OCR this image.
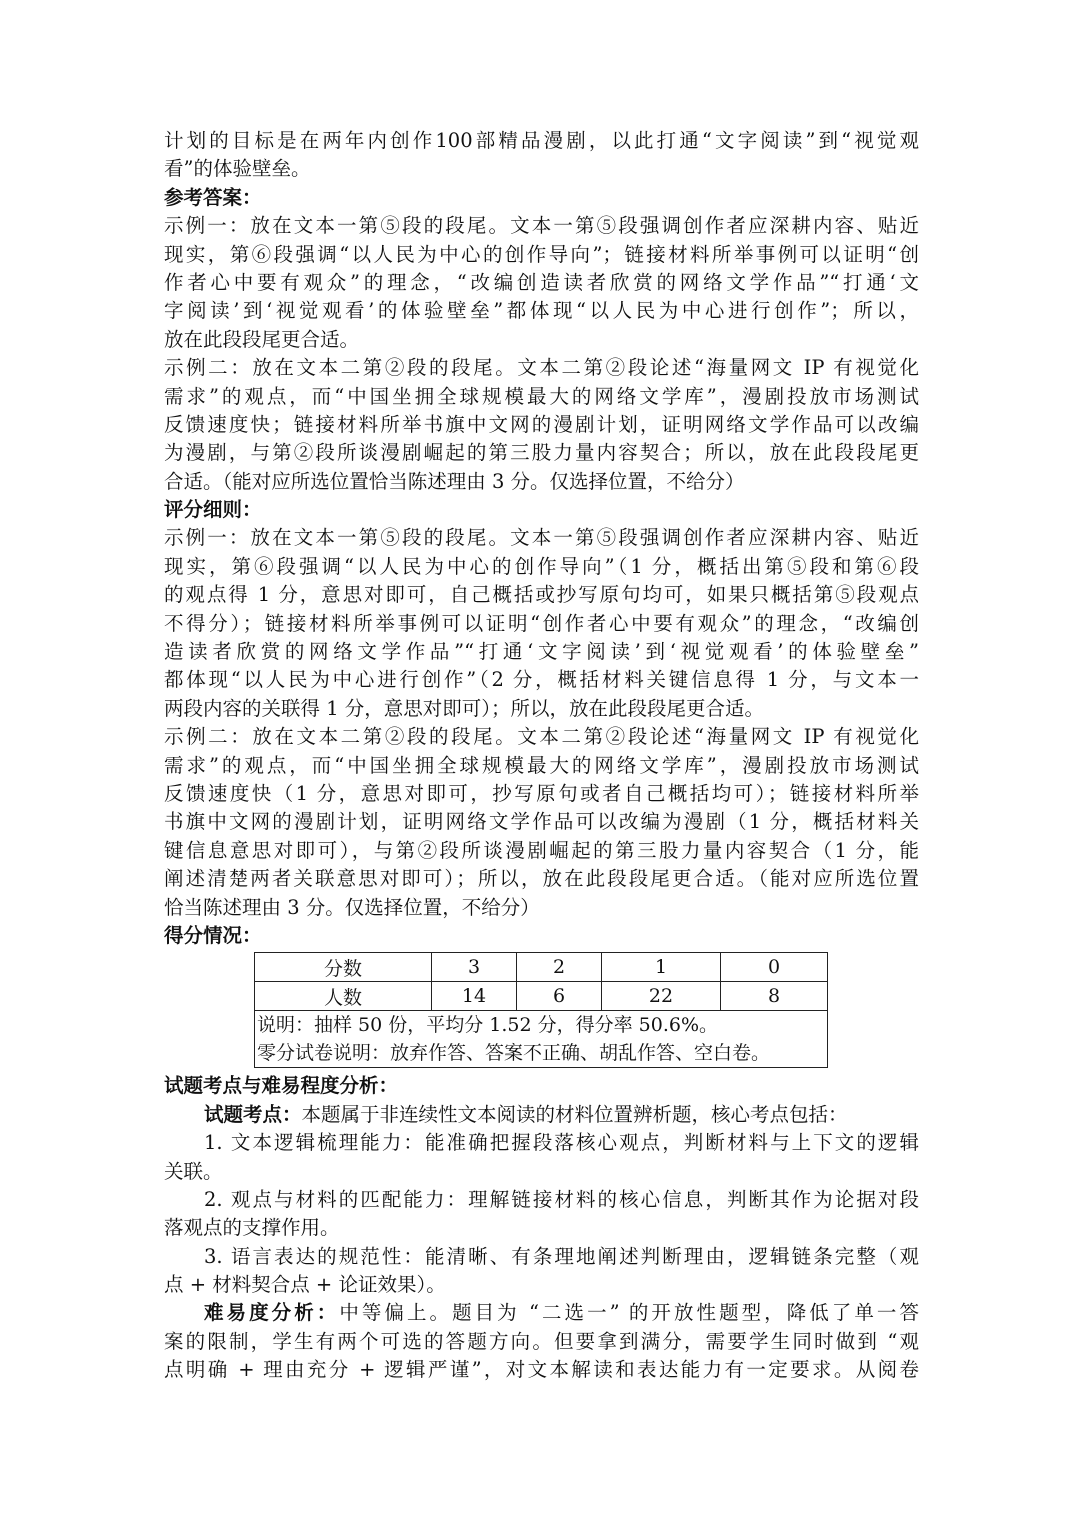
计划的目标是在两年内创作100部精品漫剧，以此打通“文字阅读”到“视觉观
看”的体验壁垒。
参考答案：
示例一：放在文本一第⑤段的段尾。文本一第⑤段强调创作者应深耕内容、贴近
现实，第⑥段强调“以人民为中心的创作导向”；链接材料所举事例可以证明“创
作者心中要有观众”的理念，“改编创造读者欣赏的网络文学作品”“打通‘文
字阅读’到‘视觉观看’的体验壁垒”都体现“以人民为中心进行创作”；所以，
放在此段段尾更合适。
示例二：放在文本二第②段的段尾。文本二第②段论述“海量网文 IP 有视觉化
需求”的观点，而“中国坐拥全球规模最大的网络文学库”，漫剧投放市场测试
反馈速度快；链接材料所举书旗中文网的漫剧计划，证明网络文学作品可以改编
为漫剧，与第②段所谈漫剧崛起的第三股力量内容契合；所以，放在此段段尾更
合适。（能对应所选位置恰当陈述理由 3 分。仅选择位置，不给分）
评分细则：
示例一：放在文本一第⑤段的段尾。文本一第⑤段强调创作者应深耕内容、贴近
现实，第⑥段强调“以人民为中心的创作导向”（1 分，概括出第⑤段和第⑥段
的观点得 1 分，意思对即可，自己概括或抄写原句均可，如果只概括第⑤段观点
不得分）；链接材料所举事例可以证明“创作者心中要有观众”的理念，“改编创
造读者欣赏的网络文学作品”“打通‘文字阅读’到‘视觉观看’的体验壁垒”
都体现“以人民为中心进行创作”（2 分，概括材料关键信息得 1 分，与文本一
两段内容的关联得 1 分，意思对即可）；所以，放在此段段尾更合适。
示例二：放在文本二第②段的段尾。文本二第②段论述“海量网文 IP 有视觉化
需求”的观点，而“中国坐拥全球规模最大的网络文学库”，漫剧投放市场测试
反馈速度快（1 分，意思对即可，抄写原句或者自己概括均可）；链接材料所举
书旗中文网的漫剧计划，证明网络文学作品可以改编为漫剧（1 分，概括材料关
键信息意思对即可），与第②段所谈漫剧崛起的第三股力量内容契合（1 分，能
阐述清楚两者关联意思对即可）；所以，放在此段段尾更合适。（能对应所选位置
恰当陈述理由 3 分。仅选择位置，不给分）
得分情况：
分数	3	2	1	0
人数	14	6	22	8

说明：抽样 50 份，平均分 1.52 分，得分率 50.6%。
零分试卷说明：放弃作答、答案不正确、胡乱作答、空白卷。				
试题考点与难易程度分析：
试题考点：本题属于非连续性文本阅读的材料位置辨析题，核心考点包括：
1. 文本逻辑梳理能力：能准确把握段落核心观点，判断材料与上下文的逻辑
关联。
2. 观点与材料的匹配能力：理解链接材料的核心信息，判断其作为论据对段
落观点的支撑作用。
3. 语言表达的规范性：能清晰、有条理地阐述判断理由，逻辑链条完整（观
点 + 材料契合点 + 论证效果）。
难易度分析：中等偏上。题目为 “二选一” 的开放性题型，降低了单一答
案的限制，学生有两个可选的答题方向。但要拿到满分，需要学生同时做到 “观
点明确 + 理由充分 + 逻辑严谨”，对文本解读和表达能力有一定要求。从阅卷
